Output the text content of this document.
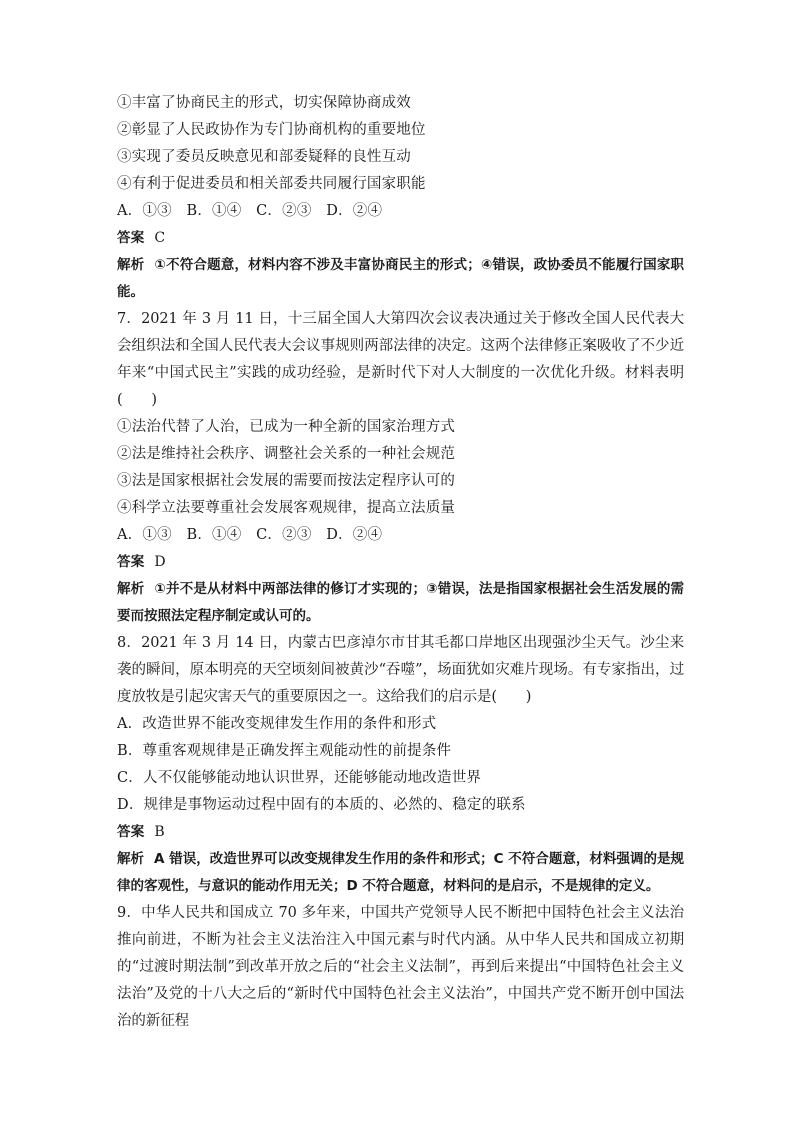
①丰富了协商民主的形式，切实保障协商成效
②彰显了人民政协作为专门协商机构的重要地位
③实现了委员反映意见和部委疑释的良性互动
④有利于促进委员和相关部委共同履行国家职能
A．①③　B．①④　C．②③　D．②④
答案 C
解析 ①不符合题意，材料内容不涉及丰富协商民主的形式；④错误，政协委员不能履行国家职能。
7．2021 年 3 月 11 日，十三届全国人大第四次会议表决通过关于修改全国人民代表大会组织法和全国人民代表大会议事规则两部法律的决定。这两个法律修正案吸收了不少近年来“中国式民主”实践的成功经验，是新时代下对人大制度的一次优化升级。材料表明(　　)
①法治代替了人治，已成为一种全新的国家治理方式
②法是维持社会秩序、调整社会关系的一种社会规范
③法是国家根据社会发展的需要而按法定程序认可的
④科学立法要尊重社会发展客观规律，提高立法质量
A．①③　B．①④　C．②③　D．②④
答案 D
解析 ①并不是从材料中两部法律的修订才实现的；③错误，法是指国家根据社会生活发展的需要而按照法定程序制定或认可的。
8．2021 年 3 月 14 日，内蒙古巴彦淖尔市甘其毛都口岸地区出现强沙尘天气。沙尘来袭的瞬间，原本明亮的天空顷刻间被黄沙“吞噬”，场面犹如灾难片现场。有专家指出，过度放牧是引起灾害天气的重要原因之一。这给我们的启示是(　　)
A．改造世界不能改变规律发生作用的条件和形式
B．尊重客观规律是正确发挥主观能动性的前提条件
C．人不仅能够能动地认识世界，还能够能动地改造世界
D．规律是事物运动过程中固有的本质的、必然的、稳定的联系
答案 B
解析 A 错误，改造世界可以改变规律发生作用的条件和形式；C 不符合题意，材料强调的是规律的客观性，与意识的能动作用无关；D 不符合题意，材料问的是启示，不是规律的定义。
9．中华人民共和国成立 70 多年来，中国共产党领导人民不断把中国特色社会主义法治推向前进，不断为社会主义法治注入中国元素与时代内涵。从中华人民共和国成立初期的“过渡时期法制”到改革开放之后的“社会主义法制”，再到后来提出“中国特色社会主义法治”及党的十八大之后的“新时代中国特色社会主义法治”，中国共产党不断开创中国法治的新征程
